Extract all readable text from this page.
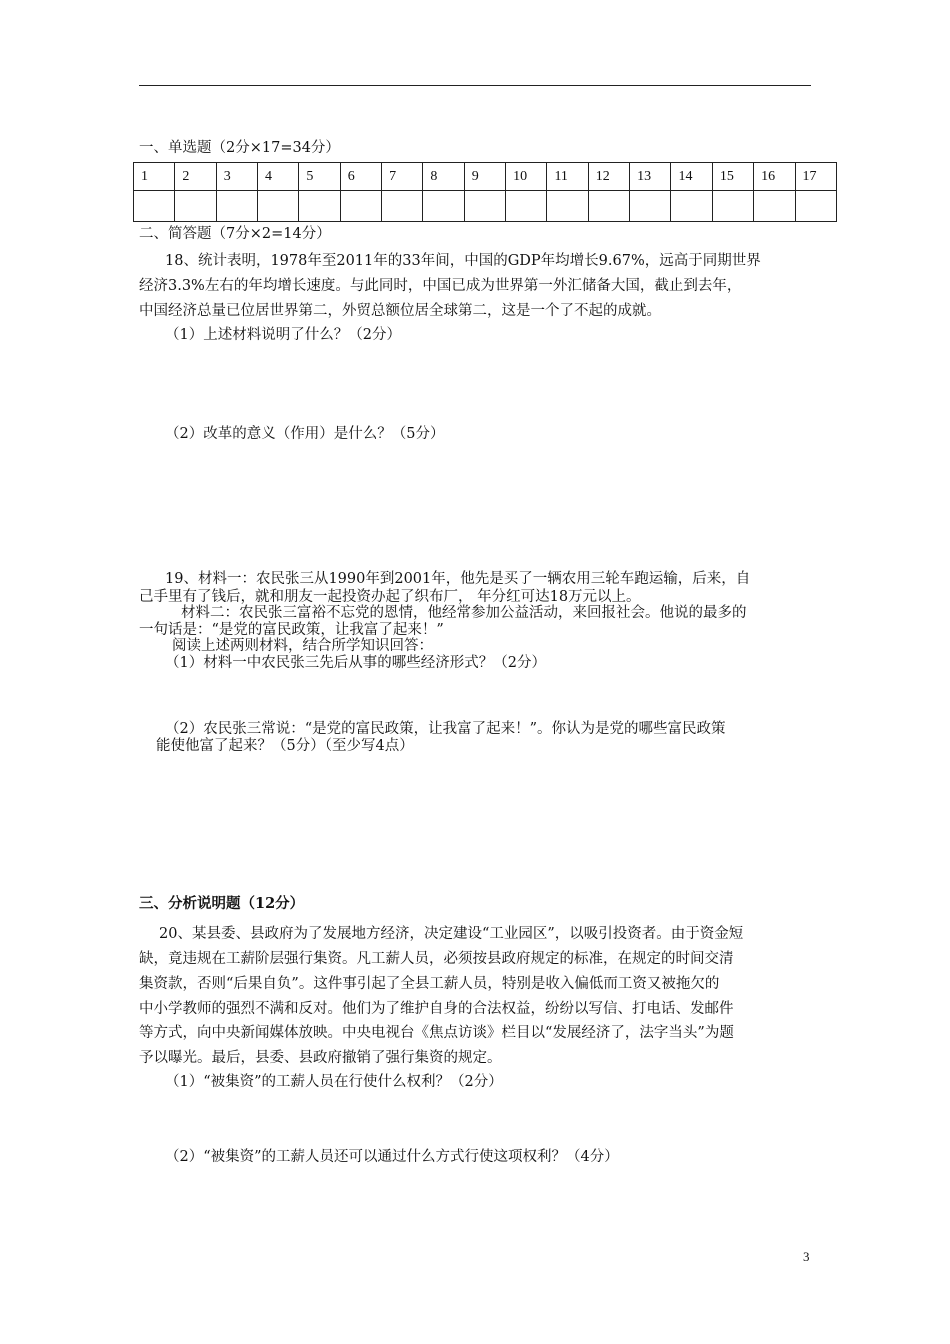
一、单选题（2分×17=34分）
1	2	3	4	5	6	7	8	9	10	11	12	13	14	15	16	17

二、简答题（7分×2=14分）
18、统计表明，1978年至2011年的33年间，中国的GDP年均增长9.67%，远高于同期世界
经济3.3%左右的年均增长速度。与此同时，中国已成为世界第一外汇储备大国，截止到去年，
中国经济总量已位居世界第二，外贸总额位居全球第二，这是一个了不起的成就。
（1）上述材料说明了什么？（2分）
（2）改革的意义（作用）是什么？（5分）
19、材料一：农民张三从1990年到2001年，他先是买了一辆农用三轮车跑运输，后来，自
己手里有了钱后，就和朋友一起投资办起了织布厂， 年分红可达18万元以上。
材料二：农民张三富裕不忘党的恩情，他经常参加公益活动，来回报社会。他说的最多的
一句话是：“是党的富民政策，让我富了起来！”
阅读上述两则材料，结合所学知识回答：
（1）材料一中农民张三先后从事的哪些经济形式？（2分）
（2）农民张三常说：“是党的富民政策，让我富了起来！”。你认为是党的哪些富民政策
能使他富了起来？（5分）（至少写4点）
三、分析说明题（12分）
20、某县委、县政府为了发展地方经济，决定建设“工业园区”，以吸引投资者。由于资金短
缺，竟违规在工薪阶层强行集资。凡工薪人员，必须按县政府规定的标准，在规定的时间交清
集资款，否则“后果自负”。这件事引起了全县工薪人员，特别是收入偏低而工资又被拖欠的
中小学教师的强烈不满和反对。他们为了维护自身的合法权益，纷纷以写信、打电话、发邮件
等方式，向中央新闻媒体放映。中央电视台《焦点访谈》栏目以“发展经济了，法字当头”为题
予以曝光。最后，县委、县政府撤销了强行集资的规定。
（1）“被集资”的工薪人员在行使什么权利？（2分）
（2）“被集资”的工薪人员还可以通过什么方式行使这项权利？（4分）
3
